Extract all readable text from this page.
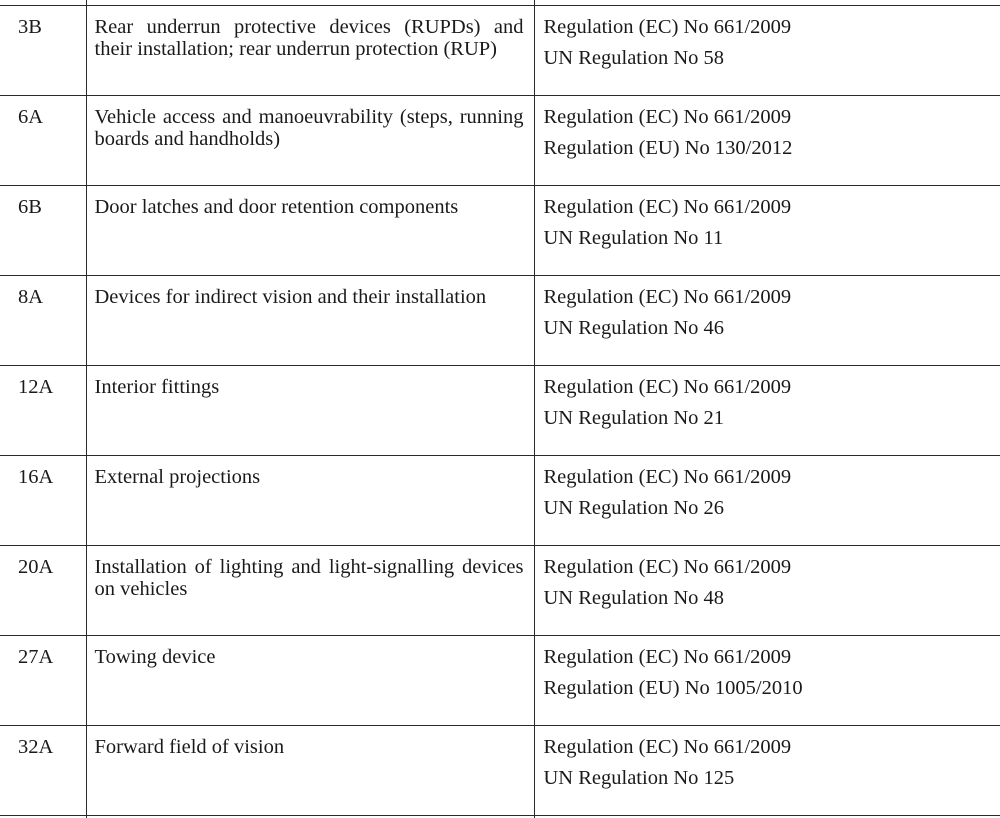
3B	Rear underrun protective devices (RUPDs) and their installation; rear underrun protection (RUP)	Regulation (EC) No 661/2009
UN Regulation No 58

6A	Vehicle access and manoeuvrability (steps, running boards and handholds)	Regulation (EC) No 661/2009
Regulation (EU) No 130/2012

6B	Door latches and door retention components	Regulation (EC) No 661/2009
UN Regulation No 11

8A	Devices for indirect vision and their installation	Regulation (EC) No 661/2009
UN Regulation No 46

12A	Interior fittings	Regulation (EC) No 661/2009
UN Regulation No 21

16A	External projections	Regulation (EC) No 661/2009
UN Regulation No 26

20A	Installation of lighting and light-signalling devices on vehicles	Regulation (EC) No 661/2009
UN Regulation No 48

27A	Towing device	Regulation (EC) No 661/2009
Regulation (EU) No 1005/2010

32A	Forward field of vision	Regulation (EC) No 661/2009
UN Regulation No 125
